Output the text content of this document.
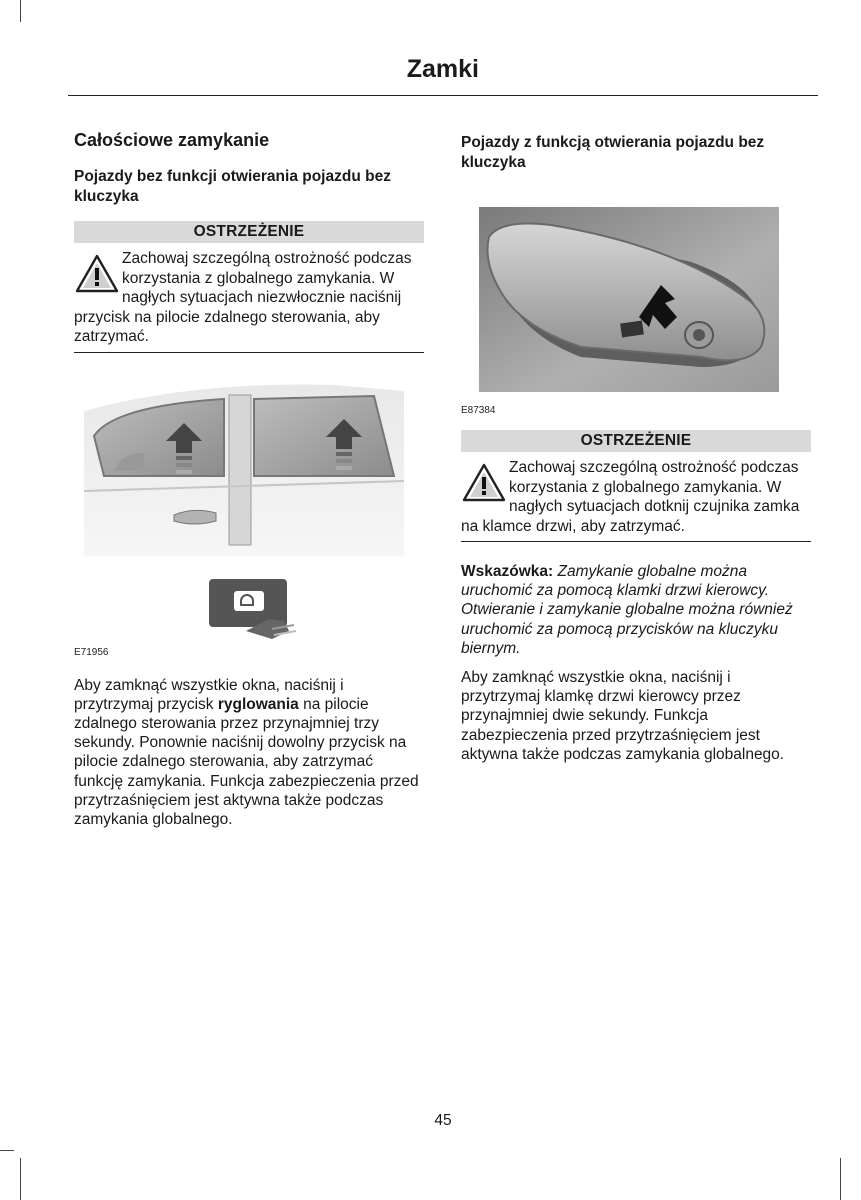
Zamki
Całościowe zamykanie
Pojazdy bez funkcji otwierania pojazdu bez kluczyka
OSTRZEŻENIE
Zachowaj szczególną ostrożność podczas korzystania z globalnego zamykania. W nagłych sytuacjach niezwłocznie naciśnij przycisk na pilocie zdalnego sterowania, aby zatrzymać.

E71956

Aby zamknąć wszystkie okna, naciśnij i przytrzymaj przycisk ryglowania na pilocie zdalnego sterowania przez przynajmniej trzy sekundy. Ponownie naciśnij dowolny przycisk na pilocie zdalnego sterowania, aby zatrzymać funkcję zamykania. Funkcja zabezpieczenia przed przytrzaśnięciem jest aktywna także podczas zamykania globalnego.

Pojazdy z funkcją otwierania pojazdu bez kluczyka

E87384

OSTRZEŻENIE
Zachowaj szczególną ostrożność podczas korzystania z globalnego zamykania. W nagłych sytuacjach dotknij czujnika zamka na klamce drzwi, aby zatrzymać.

Wskazówka: Zamykanie globalne można uruchomić za pomocą klamki drzwi kierowcy. Otwieranie i zamykanie globalne można również uruchomić za pomocą przycisków na kluczyku biernym.

Aby zamknąć wszystkie okna, naciśnij i przytrzymaj klamkę drzwi kierowcy przez przynajmniej dwie sekundy. Funkcja zabezpieczenia przed przytrzaśnięciem jest aktywna także podczas zamykania globalnego.

45
